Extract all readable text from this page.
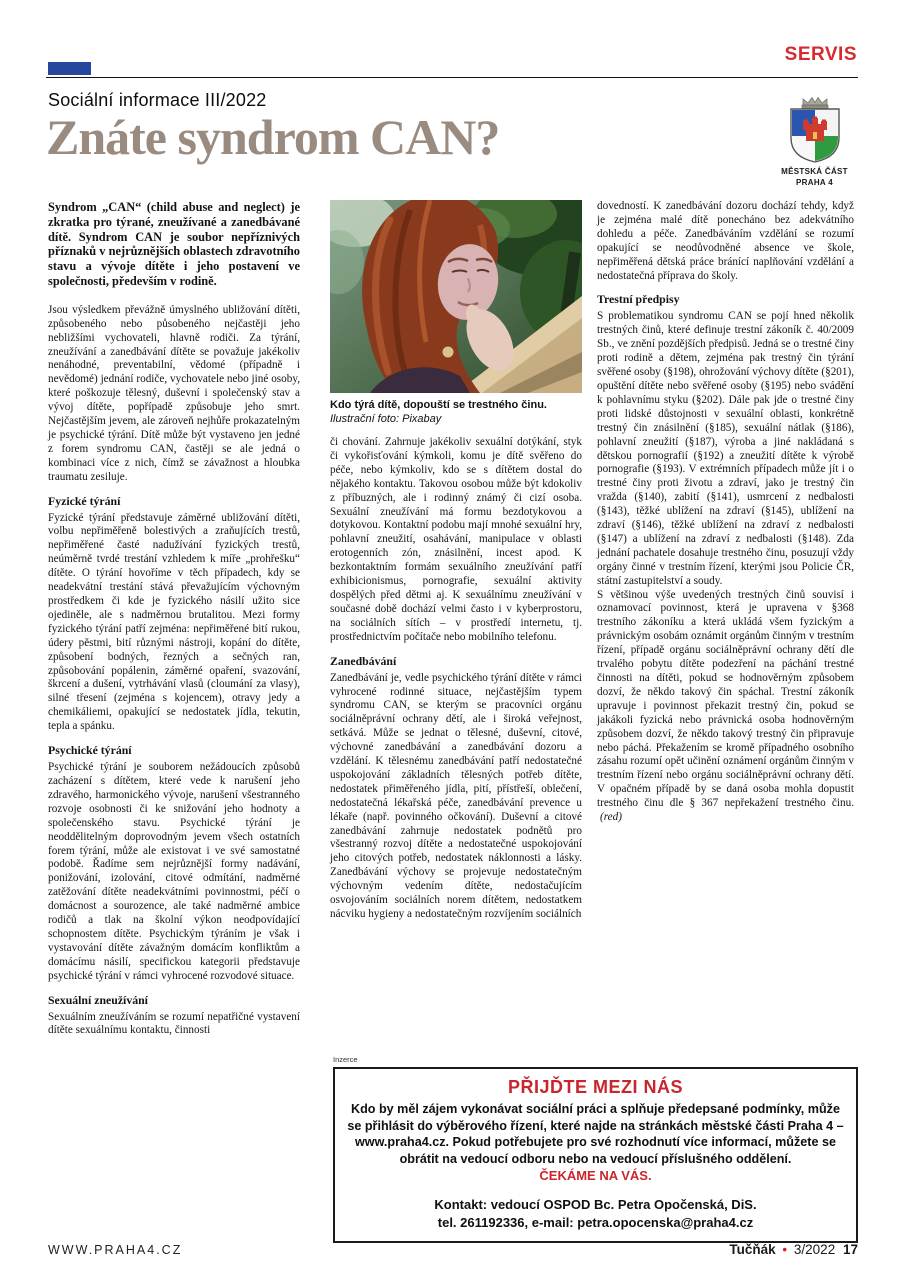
SERVIS
Sociální informace III/2022
Znáte syndrom CAN?
MĚSTSKÁ ČÁST
PRAHA 4

Syndrom „CAN“ (child abuse and neglect) je zkratka pro týrané, zneužívané a zanedbávané dítě. Syndrom CAN je soubor nepříznivých příznaků v nejrůznějších oblastech zdravotního stavu a vývoje dítěte i jeho postavení ve společnosti, především v rodině.

Jsou výsledkem převážně úmyslného ubližování dítěti, způsobeného nebo působeného nejčastěji jeho nebližšími vychovateli, hlavně rodiči. Za týrání, zneužívání a zanedbávání dítěte se považuje jakékoliv nenáhodné, preventabilní, vědomé (případně i nevědomé) jednání rodiče, vychovatele nebo jiné osoby, které poškozuje tělesný, duševní i společenský stav a vývoj dítěte, popřípadě způsobuje jeho smrt. Nejčastějším jevem, ale zároveň nejhůře prokazatelným je psychické týrání. Dítě může být vystaveno jen jedné z forem syndromu CAN, častěji se ale jedná o kombinaci více z nich, čímž se závažnost a hloubka traumatu zesiluje.

Fyzické týrání

Fyzické týrání představuje záměrné ubližování dítěti, volbu nepřiměřeně bolestivých a zraňujících trestů, nepřiměřené časté nadužívání fyzických trestů, neúměrně tvrdé trestání vzhledem k míře „prohřešku“ dítěte. O týrání hovoříme v těch případech, kdy se neadekvátní trestání stává převažujícím výchovným prostředkem či kde je fyzického násilí užito sice ojediněle, ale s nadměrnou brutalitou. Mezi formy fyzického týrání patří zejména: nepřiměřené bití rukou, údery pěstmi, bití různými nástroji, kopání do dítěte, způsobení bodných, řezných a sečných ran, způsobování popálenin, záměrné opaření, svazování, škrcení a dušení, vytrhávání vlasů (cloumání za vlasy), silné třesení (zejména s kojencem), otravy jedy a chemikáliemi, opakující se nedostatek jídla, tekutin, tepla a spánku.

Psychické týrání

Psychické týrání je souborem nežádoucích způsobů zacházení s dítětem, které vede k narušení jeho zdravého, harmonického vývoje, narušení všestranného rozvoje osobnosti či ke snižování jeho hodnoty a společenského stavu. Psychické týrání je neoddělitelným doprovodným jevem všech ostatních forem týrání, může ale existovat i ve své samostatné podobě. Řadíme sem nejrůznější formy nadávání, ponižování, izolování, citové odmítání, nadměrné zatěžování dítěte neadekvátními povinnostmi, péčí o domácnost a sourozence, ale také nadměrné ambice rodičů a tlak na školní výkon neodpovídající schopnostem dítěte. Psychickým týráním je však i vystavování dítěte závažným domácím konfliktům a domácímu násilí, specifickou kategorii představuje psychické týrání v rámci vyhrocené rozvodové situace.

Sexuální zneužívání

Sexuálním zneužíváním se rozumí nepatřičné vystavení dítěte sexuálnímu kontaktu, činnosti

Kdo týrá dítě, dopouští se trestného činu.
Ilustrační foto: Pixabay

či chování. Zahrnuje jakékoliv sexuální dotýkání, styk či vykořisťování kýmkoli, komu je dítě svěřeno do péče, nebo kýmkoliv, kdo se s dítětem dostal do nějakého kontaktu. Takovou osobou může být kdokoliv z příbuzných, ale i rodinný známý či cizí osoba. Sexuální zneužívání má formu bezdotykovou a dotykovou. Kontaktní podobu mají mnohé sexuální hry, pohlavní zneužití, osahávání, manipulace v oblasti erotogenních zón, znásilnění, incest apod. K bezkontaktním formám sexuálního zneužívání patří exhibicionismus, pornografie, sexuální aktivity dospělých před dětmi aj. K sexuálnímu zneužívání v současné době dochází velmi často i v kyberprostoru, na sociálních sítích – v prostředí internetu, tj. prostřednictvím počítače nebo mobilního telefonu.

Zanedbávání

Zanedbávání je, vedle psychického týrání dítěte v rámci vyhrocené rodinné situace, nejčastějším typem syndromu CAN, se kterým se pracovníci orgánu sociálněprávní ochrany dětí, ale i široká veřejnost, setkává. Může se jednat o tělesné, duševní, citové, výchovné zanedbávání a zanedbávání dozoru a vzdělání. K tělesnému zanedbávání patří nedostatečné uspokojování základních tělesných potřeb dítěte, nedostatek přiměřeného jídla, pití, přístřeší, oblečení, nedostatečná lékařská péče, zanedbávání prevence u lékaře (např. povinného očkování). Duševní a citové zanedbávání zahrnuje nedostatek podnětů pro všestranný rozvoj dítěte a nedostatečné uspokojování jeho citových potřeb, nedostatek náklonnosti a lásky. Zanedbávání výchovy se projevuje nedostatečným výchovným vedením dítěte, nedostačujícím osvojováním sociálních norem dítětem, nedostatkem nácviku hygieny a nedostatečným rozvíjením sociálních

dovedností. K zanedbávání dozoru dochází tehdy, když je zejména malé dítě ponecháno bez adekvátního dohledu a péče. Zanedbáváním vzdělání se rozumí opakující se neodůvodněné absence ve škole, nepřiměřená dětská práce bránící naplňování vzdělání a nedostatečná příprava do školy.

Trestní předpisy

S problematikou syndromu CAN se pojí hned několik trestných činů, které definuje trestní zákoník č. 40/2009 Sb., ve znění pozdějších předpisů. Jedná se o trestné činy proti rodině a dětem, zejména pak trestný čin týrání svěřené osoby (§198), ohrožování výchovy dítěte (§201), opuštění dítěte nebo svěřené osoby (§195) nebo svádění k pohlavnímu styku (§202). Dále pak jde o trestné činy proti lidské důstojnosti v sexuální oblasti, konkrétně trestný čin znásilnění (§185), sexuální nátlak (§186), pohlavní zneužití (§187), výroba a jiné nakládaná s dětskou pornografií (§192) a zneužití dítěte k výrobě pornografie (§193). V extrémních případech může jít i o trestné činy proti životu a zdraví, jako je trestný čin vražda (§140), zabití (§141), usmrcení z nedbalosti (§143), těžké ublížení na zdraví (§145), ublížení na zdraví (§146), těžké ublížení na zdraví z nedbalosti (§147) a ublížení na zdraví z nedbalosti (§148). Zda jednání pachatele dosahuje trestného činu, posuzují vždy orgány činné v trestním řízení, kterými jsou Policie ČR, státní zastupitelství a soudy.

S většinou výše uvedených trestných činů souvisí i oznamovací povinnost, která je upravena v §368 trestního zákoníku a která ukládá všem fyzickým a právnickým osobám oznámit orgánům činným v trestním řízení, případě orgánu sociálněprávní ochrany dětí dle trvalého pobytu dítěte podezření na páchání trestné činnosti na dítěti, pokud se hodnověrným způsobem dozví, že někdo takový čin spáchal. Trestní zákoník upravuje i povinnost překazit trestný čin, pokud se jakákoli fyzická nebo právnická osoba hodnověrným způsobem dozví, že někdo takový trestný čin připravuje nebo páchá. Překažením se kromě případného osobního zásahu rozumí opět učinění oznámení orgánům činným v trestním řízení nebo orgánu sociálněprávní ochrany dětí. V opačném případě by se daná osoba mohla dopustit trestného činu dle § 367 nepřekažení trestného činu.(red)

Inzerce
PŘIJĎTE MEZI NÁS
Kdo by měl zájem vykonávat sociální práci a splňuje předepsané podmínky, může se přihlásit do výběrového řízení, které najde na stránkách městské části Praha 4 – www.praha4.cz. Pokud potřebujete pro své rozhodnutí více informací, můžete se obrátit na vedoucí odboru nebo na vedoucí příslušného oddělení.
ČEKÁME NA VÁS.
Kontakt: vedoucí OSPOD Bc. Petra Opočenská, DiS.
tel. 261192336, e-mail: petra.opocenska@praha4.cz
WWW.PRAHA4.CZ	Tučňák • 3/2022 17
